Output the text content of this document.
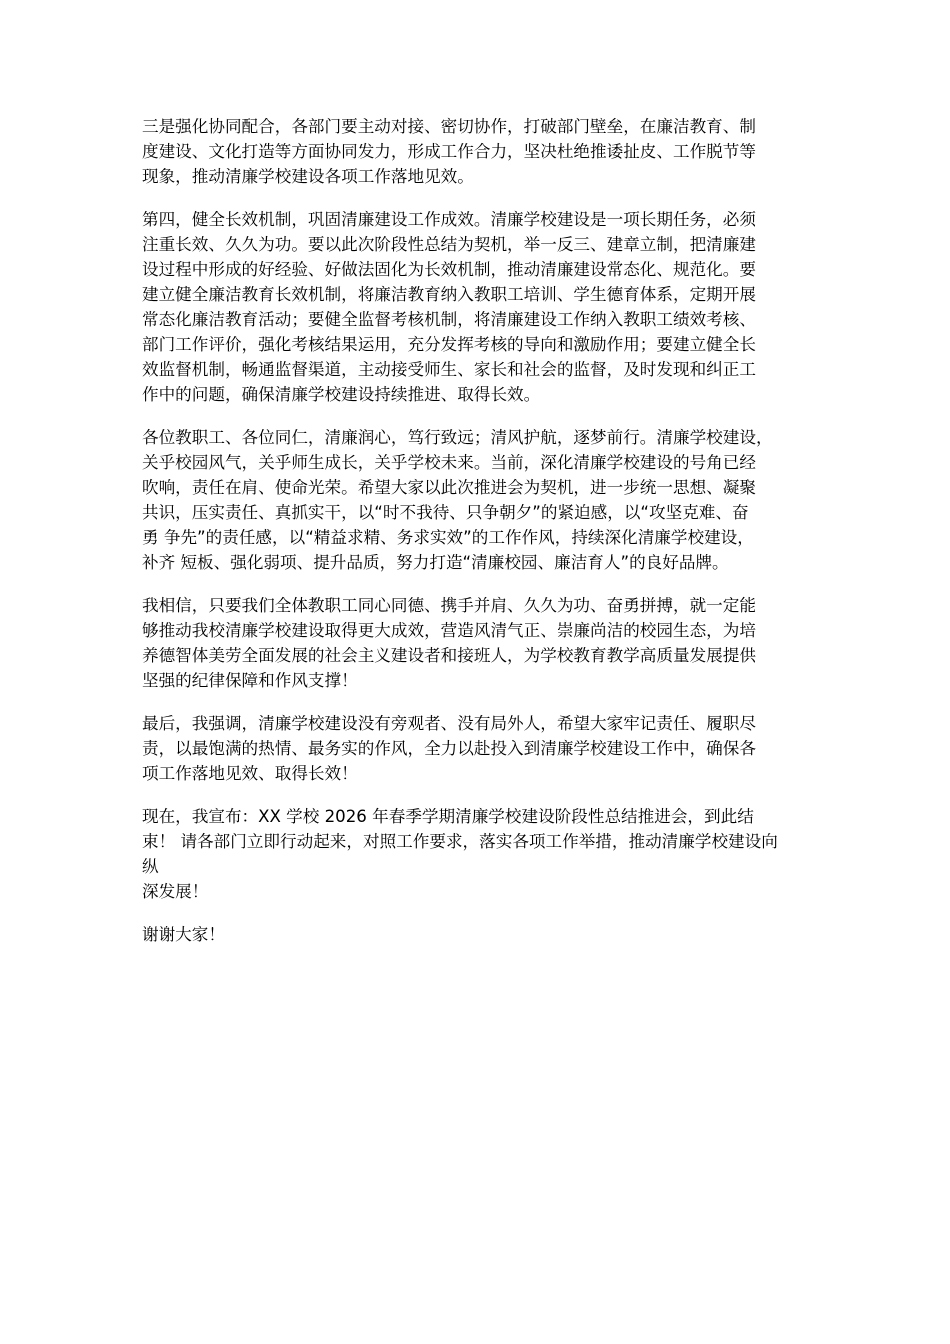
三是强化协同配合，各部门要主动对接、密切协作，打破部门壁垒，在廉洁教育、制
度建设、文化打造等方面协同发力，形成工作合力，坚决杜绝推诿扯皮、工作脱节等
现象，推动清廉学校建设各项工作落地见效。
第四，健全长效机制，巩固清廉建设工作成效。清廉学校建设是一项长期任务，必须
注重长效、久久为功。要以此次阶段性总结为契机，举一反三、建章立制，把清廉建
设过程中形成的好经验、好做法固化为长效机制，推动清廉建设常态化、规范化。要
建立健全廉洁教育长效机制，将廉洁教育纳入教职工培训、学生德育体系，定期开展
常态化廉洁教育活动；要健全监督考核机制，将清廉建设工作纳入教职工绩效考核、
部门工作评价，强化考核结果运用，充分发挥考核的导向和激励作用；要建立健全长
效监督机制，畅通监督渠道，主动接受师生、家长和社会的监督，及时发现和纠正工
作中的问题，确保清廉学校建设持续推进、取得长效。
各位教职工、各位同仁，清廉润心，笃行致远；清风护航，逐梦前行。清廉学校建设，
关乎校园风气，关乎师生成长，关乎学校未来。当前，深化清廉学校建设的号角已经
吹响，责任在肩、使命光荣。希望大家以此次推进会为契机，进一步统一思想、凝聚
共识，压实责任、真抓实干，以“时不我待、只争朝夕”的紧迫感，以“攻坚克难、奋
勇 争先”的责任感，以“精益求精、务求实效”的工作作风，持续深化清廉学校建设，
补齐 短板、强化弱项、提升品质，努力打造“清廉校园、廉洁育人”的良好品牌。
我相信，只要我们全体教职工同心同德、携手并肩、久久为功、奋勇拼搏，就一定能
够推动我校清廉学校建设取得更大成效，营造风清气正、崇廉尚洁的校园生态，为培
养德智体美劳全面发展的社会主义建设者和接班人，为学校教育教学高质量发展提供
坚强的纪律保障和作风支撑！
最后，我强调，清廉学校建设没有旁观者、没有局外人，希望大家牢记责任、履职尽
责，以最饱满的热情、最务实的作风，全力以赴投入到清廉学校建设工作中，确保各
项工作落地见效、取得长效！
现在，我宣布：XX 学校 2026 年春季学期清廉学校建设阶段性总结推进会，到此结
束！ 请各部门立即行动起来，对照工作要求，落实各项工作举措，推动清廉学校建设向
纵
深发展！
谢谢大家！
